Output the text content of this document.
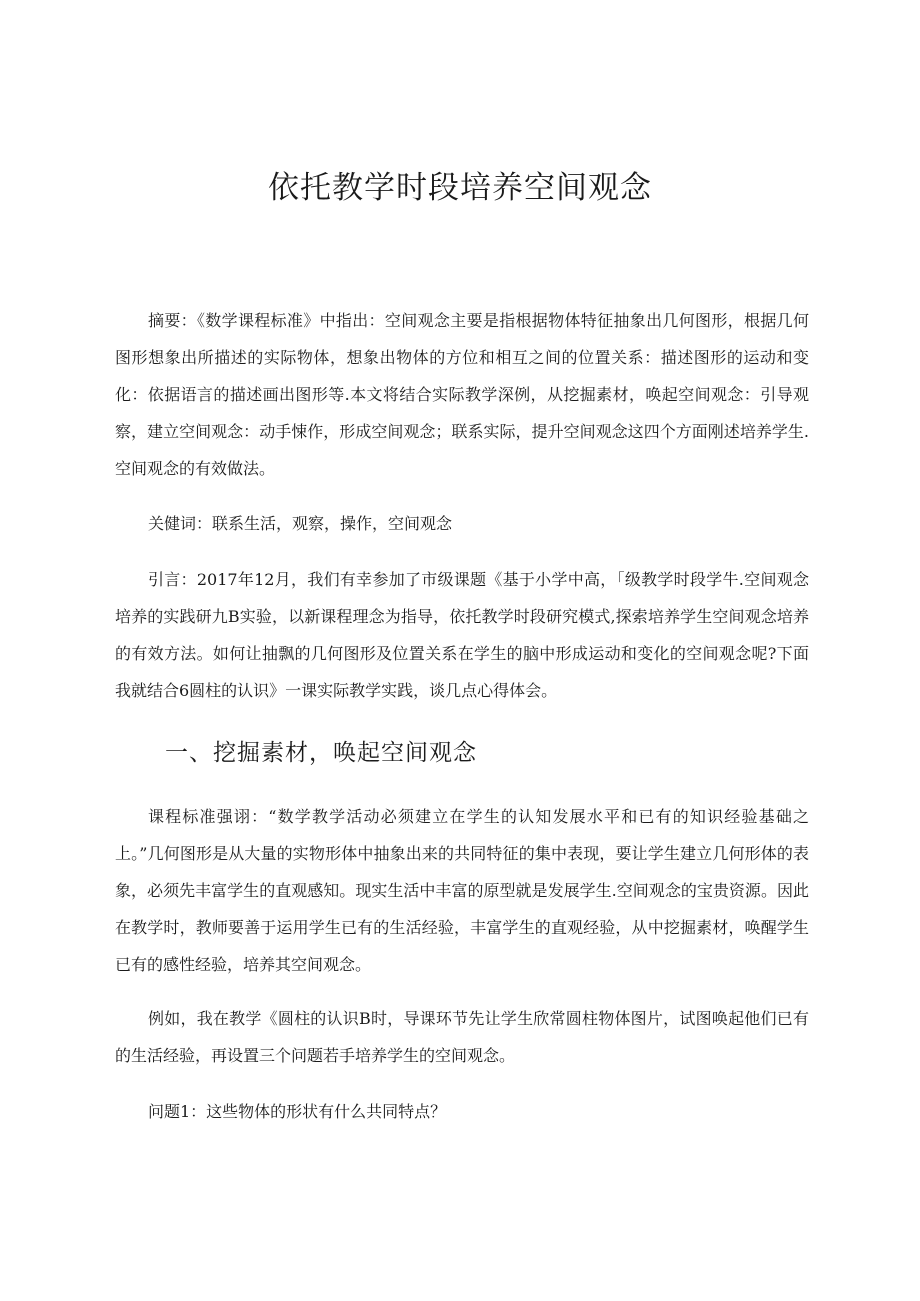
依托教学时段培养空间观念

摘要：《数学课程标准》中指出：空间观念主要是指根据物体特征抽象出几何图形，根据几何图形想象出所描述的实际物体，想象出物体的方位和相互之间的位置关系：描述图形的运动和变化：依据语言的描述画出图形等.本文将结合实际教学深例，从挖掘素材，唤起空间观念：引导观察，建立空间观念：动手悚作，形成空间观念；联系实际，提升空间观念这四个方面刚述培养学生.空间观念的有效做法。

关健词：联系生活，观察，操作，空间观念

引言：2017年12月，我们有幸参加了市级课题《基于小学中高，「级教学时段学牛.空间观念培养的实践研九B实验，以新课程理念为指导，依托教学时段研究模式,探索培养学生空间观念培养的有效方法。如何让抽飘的几何图形及位置关系在学生的脑中形成运动和变化的空间观念呢?下面我就结合6圆柱的认识》一课实际教学实践，谈几点心得体会。

一、挖掘素材，唤起空间观念

课程标准强诩：“数学教学活动必须建立在学生的认知发展水平和已有的知识经验基础之上。”几何图形是从大量的实物形体中抽象出来的共同特征的集中表现，要让学生建立几何形体的表象，必须先丰富学生的直观感知。现实生活中丰富的原型就是发展学生.空间观念的宝贵资源。因此在教学时，教师要善于运用学生已有的生活经验，丰富学生的直观经验，从中挖掘素材，唤醒学生已有的感性经验，培养其空间观念。

例如，我在教学《圆柱的认识B时，导课环节先让学生欣常圆柱物体图片，试图唤起他们已有的生活经验，再设置三个问题若手培养学生的空间观念。

问题1：这些物体的形状有什么共同特点？
